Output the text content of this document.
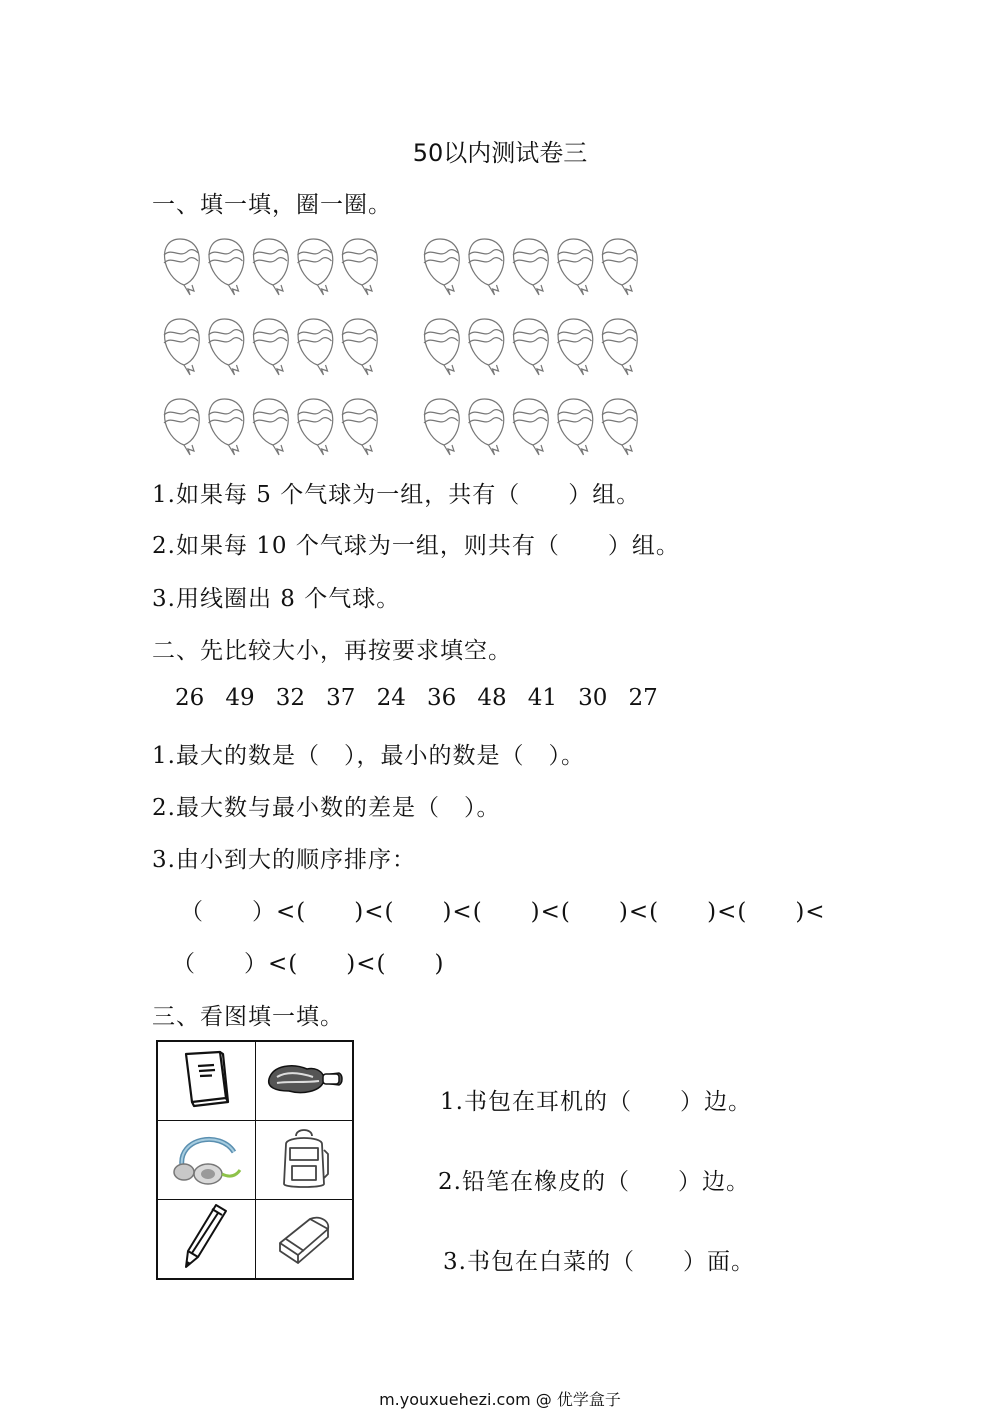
50以内测试卷三
一、填一填，圈一圈。
1.如果每 5 个气球为一组，共有（　　）组。
2.如果每 10 个气球为一组，则共有（　　）组。
3.用线圈出 8 个气球。
二、先比较大小，再按要求填空。
26 49 32 37 24 36 48 41 30 27
1.最大的数是（　），最小的数是（　）。
2.最大数与最小数的差是（　）。
3.由小到大的顺序排序：
（　　）<(　　)<(　　)<(　　)<(　　)<(　　)<(　　)<
（　　）<(　　)<(　　)
三、看图填一填。

1.书包在耳机的（　　）边。
2.铅笔在橡皮的（　　）边。
3.书包在白菜的（　　）面。
m.youxuehezi.com @ 优学盒子
